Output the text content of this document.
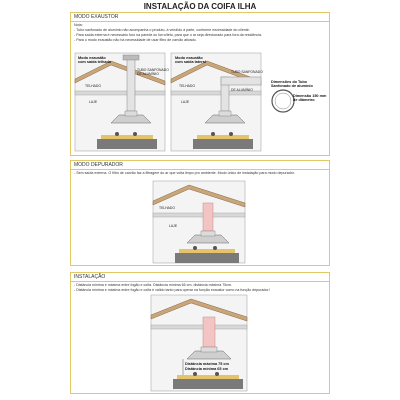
INSTALAÇÃO DA COIFA ILHA
MODO EXAUSTOR
Nota:
- Tubo sanfonado de alumínio não acompanha o produto, à vendido à parte, conforme necessidade do cliente.
- Para saída externa é necessário furo na parede ou forro/teto, para que o ar seja direcionado para fora da residência.
- Para o modo exaustão não há necessidade de usar filtro de carvão ativado.
Modo exaustão
com saída telhado
TELHADO
TUBO SANFONADO
DE ALUMÍNIO
LAJE
Modo exaustão
com saída lateral
TELHADO
TUBO SANFONADO
DE ALUMÍNIO
LAJE
Dimensões do Tubo
Sanfonado de alumínio
Dimensão 150 mm
de diâmetro
MODO DEPURADOR
- Sem saída externa. O filtro de carvão faz a filtragem do ar que volta limpo pro ambiente. Modo único de instalação para modo depurador.
TELHADO
LAJE
INSTALAÇÃO
- Distância mínima e máxima entre fogão e coifa. Distância mínima 65 cm, distância máxima 75cm.
- Distância mínima e máxima entre fogão e coifa é válido tanto para operar na função exaustor como na função depurador!
Distância máxima 75 cm
Distância mínima 65 cm
